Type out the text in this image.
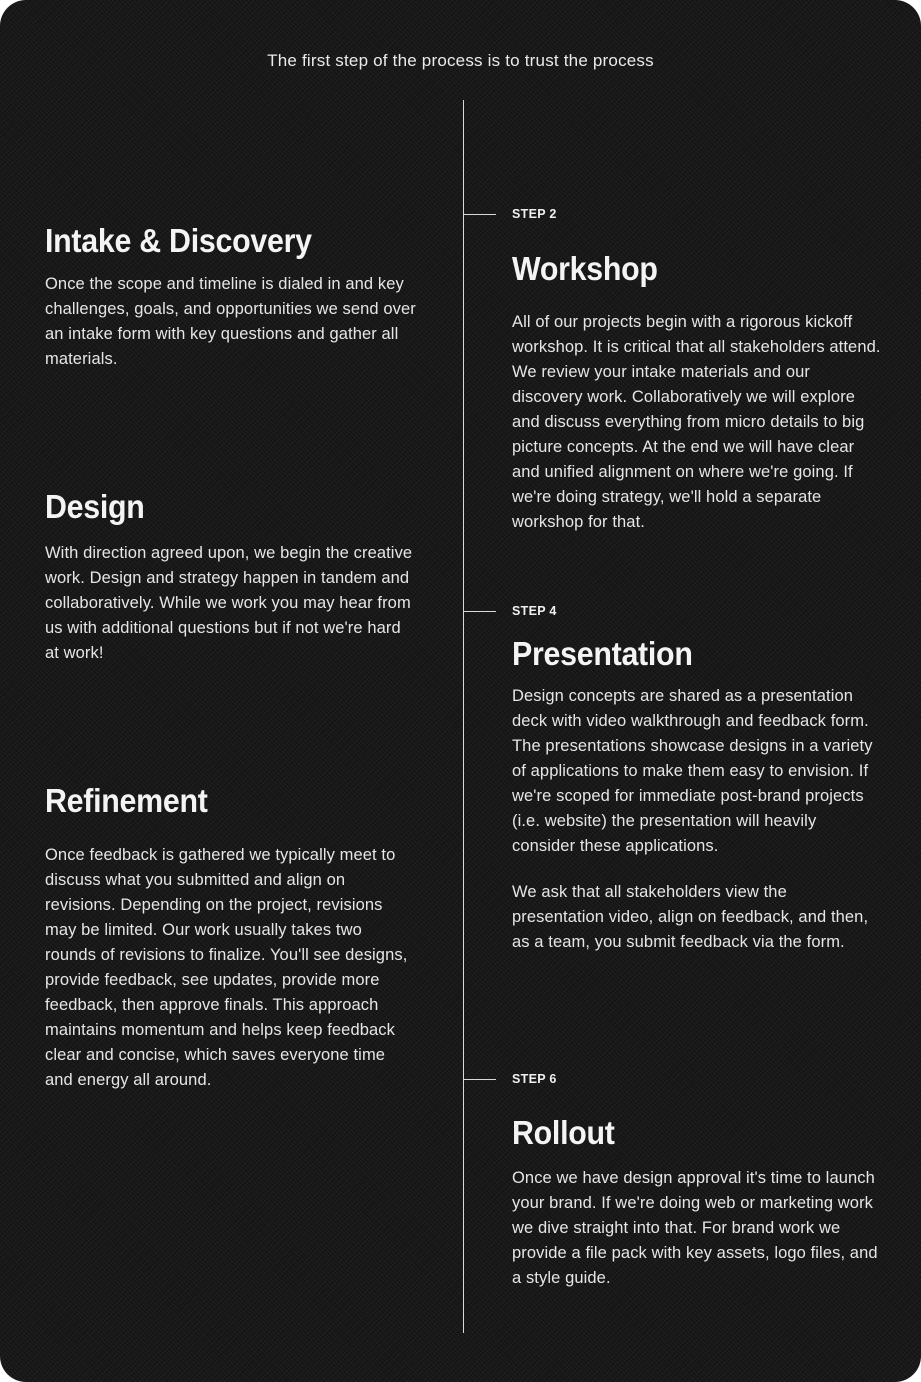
The first step of the process is to trust the process
Intake & Discovery

Once the scope and timeline is dialed in and key challenges, goals, and opportunities we send over an intake form with key questions and gather all materials.

STEP 2
Workshop

All of our projects begin with a rigorous kickoff workshop. It is critical that all stakeholders attend. We review your intake materials and our discovery work. Collaboratively we will explore and discuss everything from micro details to big picture concepts. At the end we will have clear and unified alignment on where we're going. If we're doing strategy, we'll hold a separate workshop for that.

Design

With direction agreed upon, we begin the creative work. Design and strategy happen in tandem and collaboratively. While we work you may hear from us with additional questions but if not we're hard at work!

STEP 4
Presentation

Design concepts are shared as a presentation deck with video walkthrough and feedback form. The presentations showcase designs in a variety of applications to make them easy to envision. If we're scoped for immediate post-brand projects (i.e. website) the presentation will heavily consider these applications.

We ask that all stakeholders view the presentation video, align on feedback, and then, as a team, you submit feedback via the form.

Refinement

Once feedback is gathered we typically meet to discuss what you submitted and align on revisions. Depending on the project, revisions may be limited. Our work usually takes two rounds of revisions to finalize. You'll see designs, provide feedback, see updates, provide more feedback, then approve finals. This approach maintains momentum and helps keep feedback clear and concise, which saves everyone time and energy all around.	STEP 6
Rollout

Once we have design approval it's time to launch your brand. If we're doing web or marketing work we dive straight into that. For brand work we provide a file pack with key assets, logo files, and a style guide.
